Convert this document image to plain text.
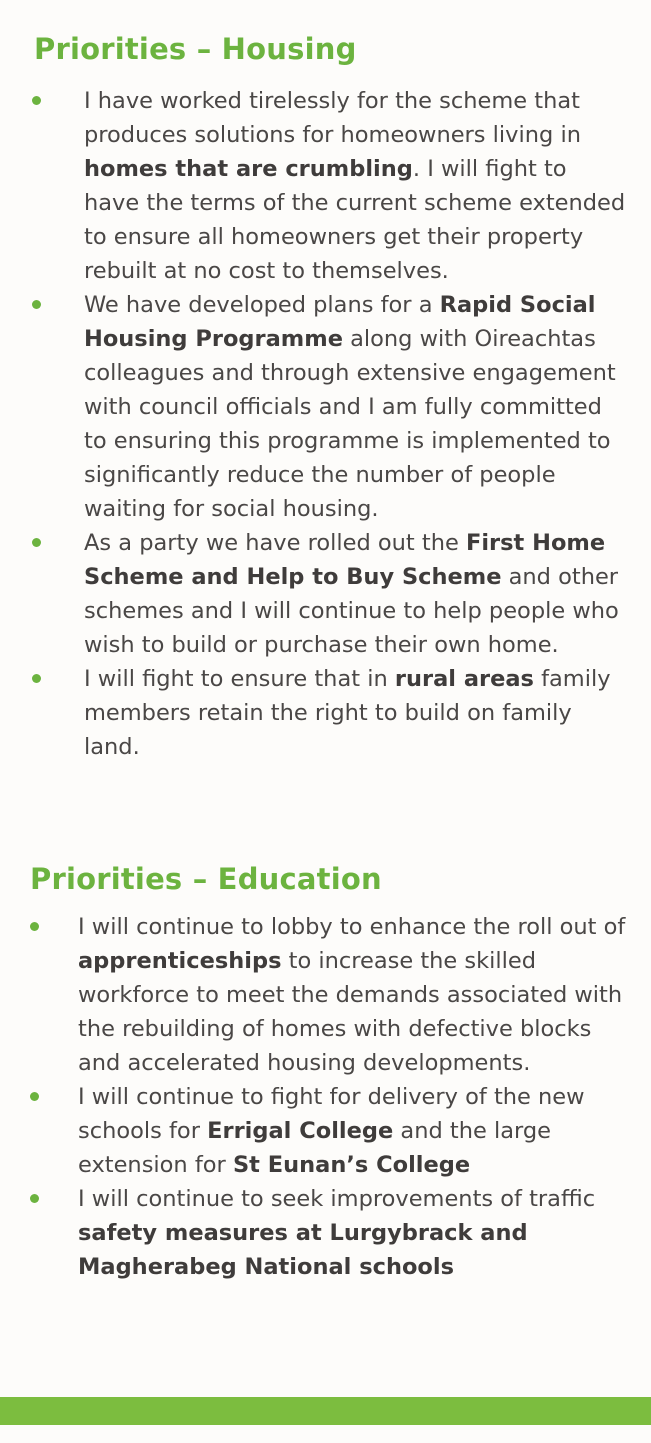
Priorities – Housing
I have worked tirelessly for the scheme that produces solutions for homeowners living in homes that are crumbling. I will fight to have the terms of the current scheme extended to ensure all homeowners get their property rebuilt at no cost to themselves.
We have developed plans for a Rapid Social Housing Programme along with Oireachtas colleagues and through extensive engagement with council officials and I am fully committed to ensuring this programme is implemented to significantly reduce the number of people waiting for social housing.
As a party we have rolled out the First Home Scheme and Help to Buy Scheme and other schemes and I will continue to help people who wish to build or purchase their own home.
I will fight to ensure that in rural areas family members retain the right to build on family land.
Priorities – Education
I will continue to lobby to enhance the roll out of apprenticeships to increase the skilled workforce to meet the demands associated with the rebuilding of homes with defective blocks and accelerated housing developments.
I will continue to fight for delivery of the new schools for Errigal College and the large extension for St Eunan’s College
I will continue to seek improvements of traffic safety measures at Lurgybrack and Magherabeg National schools
